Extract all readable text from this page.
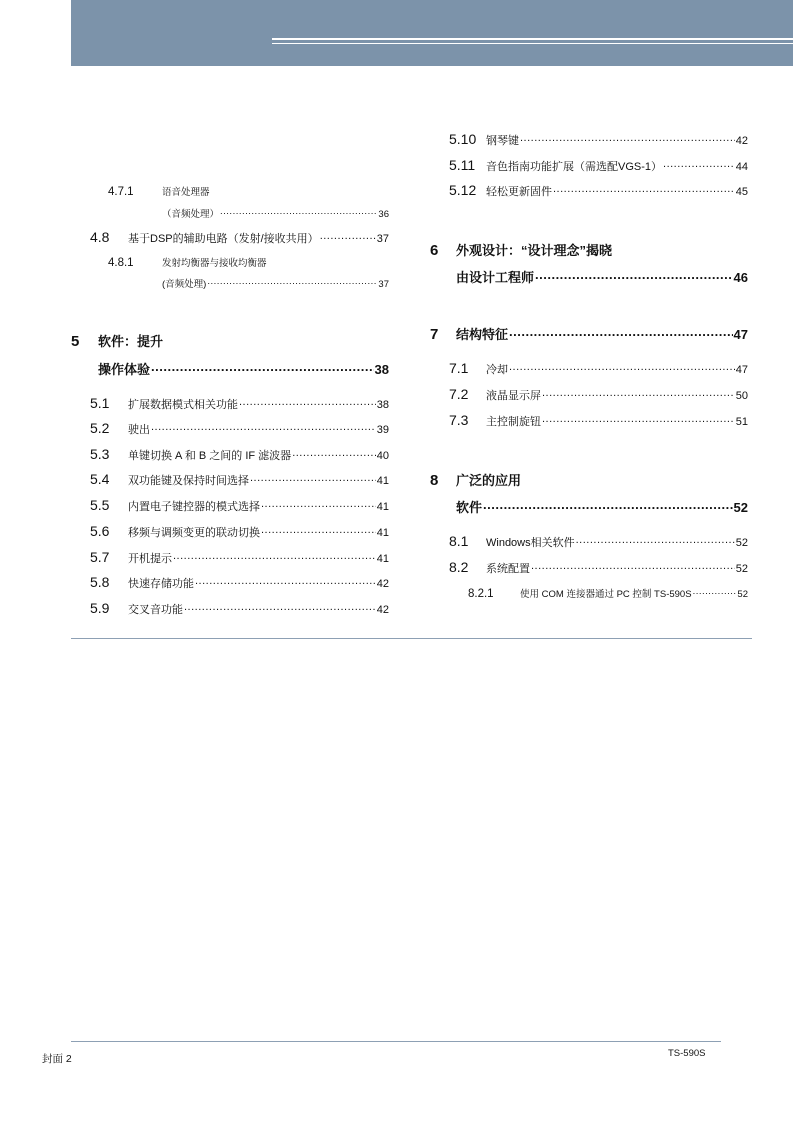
4.7.1	语音处理器
（音频处理） .....	36
4.8	基于DSP的辅助电路（发射/接收共用） .....	37
4.8.1	发射均衡器与接收均衡器
(音频处理) .....	37
5	软件：提升
操作体验 .....	38
5.1	扩展数据模式相关功能 .....	38
5.2	驶出 .....	39
5.3	单键切换 A 和 B 之间的 IF 滤波器 .....	40
5.4	双功能键及保持时间选择 .....	41
5.5	内置电子键控器的模式选择 .....	41
5.6	移频与调频变更的联动切换 .....	41
5.7	开机提示 .....	41
5.8	快速存储功能 .....	42
5.9	交叉音功能 .....	42
5.10 钢琴键 .....	42
5.11 音色指南功能扩展（需选配VGS-1） .....	44
5.12 轻松更新固件 .....	45
6	外观设计：“设计理念”揭晓
由设计工程师 .....	46
7	结构特征 .....	47
7.1	冷却 .....	47
7.2	液晶显示屏 .....	50
7.3	主控制旋钮 .....	51
8	广泛的应用
软件 .....	52
8.1	Windows相关软件 .....	52
8.2	系统配置 .....	52
8.2.1	使用 COM 连接器通过 PC 控制 TS-590S .....	52
封面 2	TS-590S
